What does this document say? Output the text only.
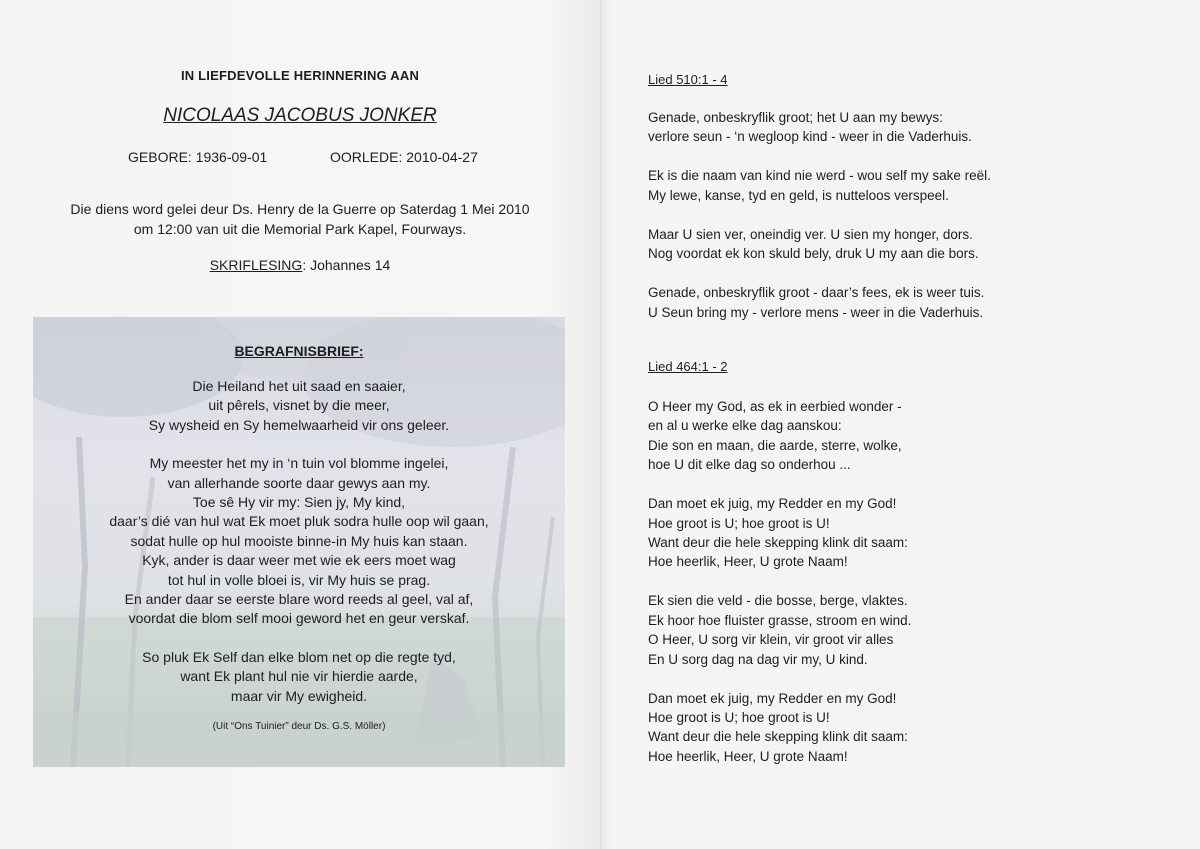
IN LIEFDEVOLLE HERINNERING AAN
NICOLAAS JACOBUS JONKER
GEBORE: 1936-09-01	OORLEDE: 2010-04-27
Die diens word gelei deur Ds. Henry de la Guerre op Saterdag 1 Mei 2010
om 12:00 van uit die Memorial Park Kapel, Fourways.
SKRIFLESING: Johannes 14
BEGRAFNISBRIEF:
Die Heiland het uit saad en saaier,
uit pêrels, visnet by die meer,
Sy wysheid en Sy hemelwaarheid vir ons geleer.
My meester het my in ‘n tuin vol blomme ingelei,
van allerhande soorte daar gewys aan my.
Toe sê Hy vir my: Sien jy, My kind,
daar’s dié van hul wat Ek moet pluk sodra hulle oop wil gaan,
sodat hulle op hul mooiste binne-in My huis kan staan.
Kyk, ander is daar weer met wie ek eers moet wag
tot hul in volle bloei is, vir My huis se prag.
En ander daar se eerste blare word reeds al geel, val af,
voordat die blom self mooi geword het en geur verskaf.
So pluk Ek Self dan elke blom net op die regte tyd,
want Ek plant hul nie vir hierdie aarde,
maar vir My ewigheid.
(Uit “Ons Tuinier” deur Ds. G.S. Möller)
Lied 510:1 - 4
Genade, onbeskryflik groot; het U aan my bewys:
verlore seun - ‘n wegloop kind - weer in die Vaderhuis.
Ek is die naam van kind nie werd - wou self my sake reël.
My lewe, kanse, tyd en geld, is nutteloos verspeel.
Maar U sien ver, oneindig ver. U sien my honger, dors.
Nog voordat ek kon skuld bely, druk U my aan die bors.
Genade, onbeskryflik groot - daar’s fees, ek is weer tuis.
U Seun bring my - verlore mens - weer in die Vaderhuis.
Lied 464:1 - 2
O Heer my God, as ek in eerbied wonder -
en al u werke elke dag aanskou:
Die son en maan, die aarde, sterre, wolke,
hoe U dit elke dag so onderhou ...
Dan moet ek juig, my Redder en my God!
Hoe groot is U; hoe groot is U!
Want deur die hele skepping klink dit saam:
Hoe heerlik, Heer, U grote Naam!
Ek sien die veld - die bosse, berge, vlaktes.
Ek hoor hoe fluister grasse, stroom en wind.
O Heer, U sorg vir klein, vir groot vir alles
En U sorg dag na dag vir my, U kind.
Dan moet ek juig, my Redder en my God!
Hoe groot is U; hoe groot is U!
Want deur die hele skepping klink dit saam:
Hoe heerlik, Heer, U grote Naam!
